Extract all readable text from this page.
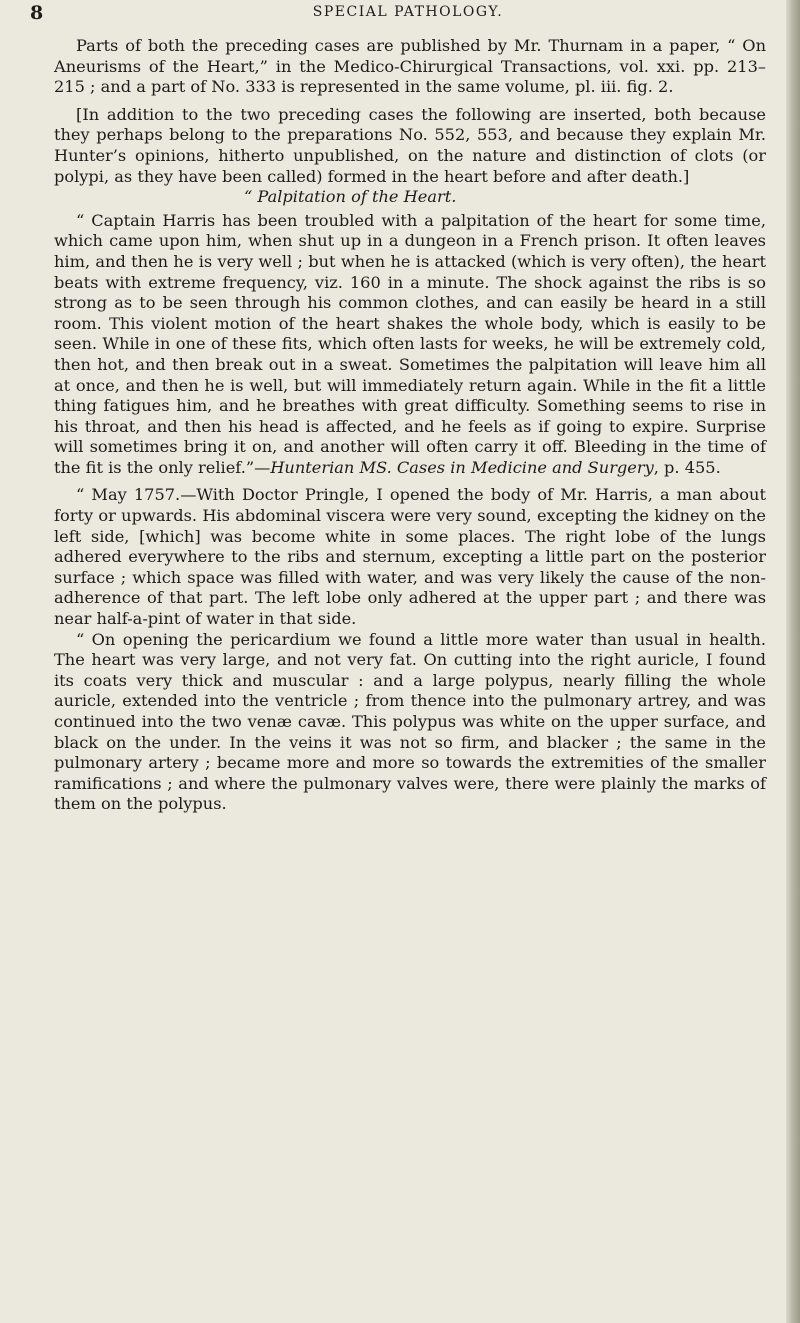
8	SPECIAL PATHOLOGY.

Parts of both the preceding cases are published by Mr. Thurnam in a paper, “ On Aneurisms of the Heart,” in the Medico-Chirurgical Transactions, vol. xxi. pp. 213–215 ; and a part of No. 333 is represented in the same volume, pl. iii. fig. 2.

[In addition to the two preceding cases the following are inserted, both because they perhaps belong to the preparations No. 552, 553, and because they explain Mr. Hunter’s opinions, hitherto unpublished, on the nature and distinction of clots (or polypi, as they have been called) formed in the heart before and after death.]

“ Palpitation of the Heart.

“ Captain Harris has been troubled with a palpitation of the heart for some time, which came upon him, when shut up in a dungeon in a French prison. It often leaves him, and then he is very well ; but when he is attacked (which is very often), the heart beats with extreme frequency, viz. 160 in a minute. The shock against the ribs is so strong as to be seen through his common clothes, and can easily be heard in a still room. This violent motion of the heart shakes the whole body, which is easily to be seen. While in one of these fits, which often lasts for weeks, he will be extremely cold, then hot, and then break out in a sweat. Sometimes the palpitation will leave him all at once, and then he is well, but will immediately return again. While in the fit a little thing fatigues him, and he breathes with great difficulty. Something seems to rise in his throat, and then his head is affected, and he feels as if going to expire. Surprise will sometimes bring it on, and another will often carry it off. Bleeding in the time of the fit is the only relief.”—Hunterian MS. Cases in Medicine and Surgery, p. 455.

“ May 1757.—With Doctor Pringle, I opened the body of Mr. Harris, a man about forty or upwards. His abdominal viscera were very sound, excepting the kidney on the left side, [which] was become white in some places. The right lobe of the lungs adhered everywhere to the ribs and sternum, excepting a little part on the posterior surface ; which space was filled with water, and was very likely the cause of the non-adherence of that part. The left lobe only adhered at the upper part ; and there was near half-a-pint of water in that side.

“ On opening the pericardium we found a little more water than usual in health. The heart was very large, and not very fat. On cutting into the right auricle, I found its coats very thick and muscular : and a large polypus, nearly filling the whole auricle, extended into the ventricle ; from thence into the pulmonary artrey, and was continued into the two venæ cavæ. This polypus was white on the upper surface, and black on the under. In the veins it was not so firm, and blacker ; the same in the pulmonary artery ; became more and more so towards the extremities of the smaller ramifications ; and where the pulmonary valves were, there were plainly the marks of them on the polypus.
